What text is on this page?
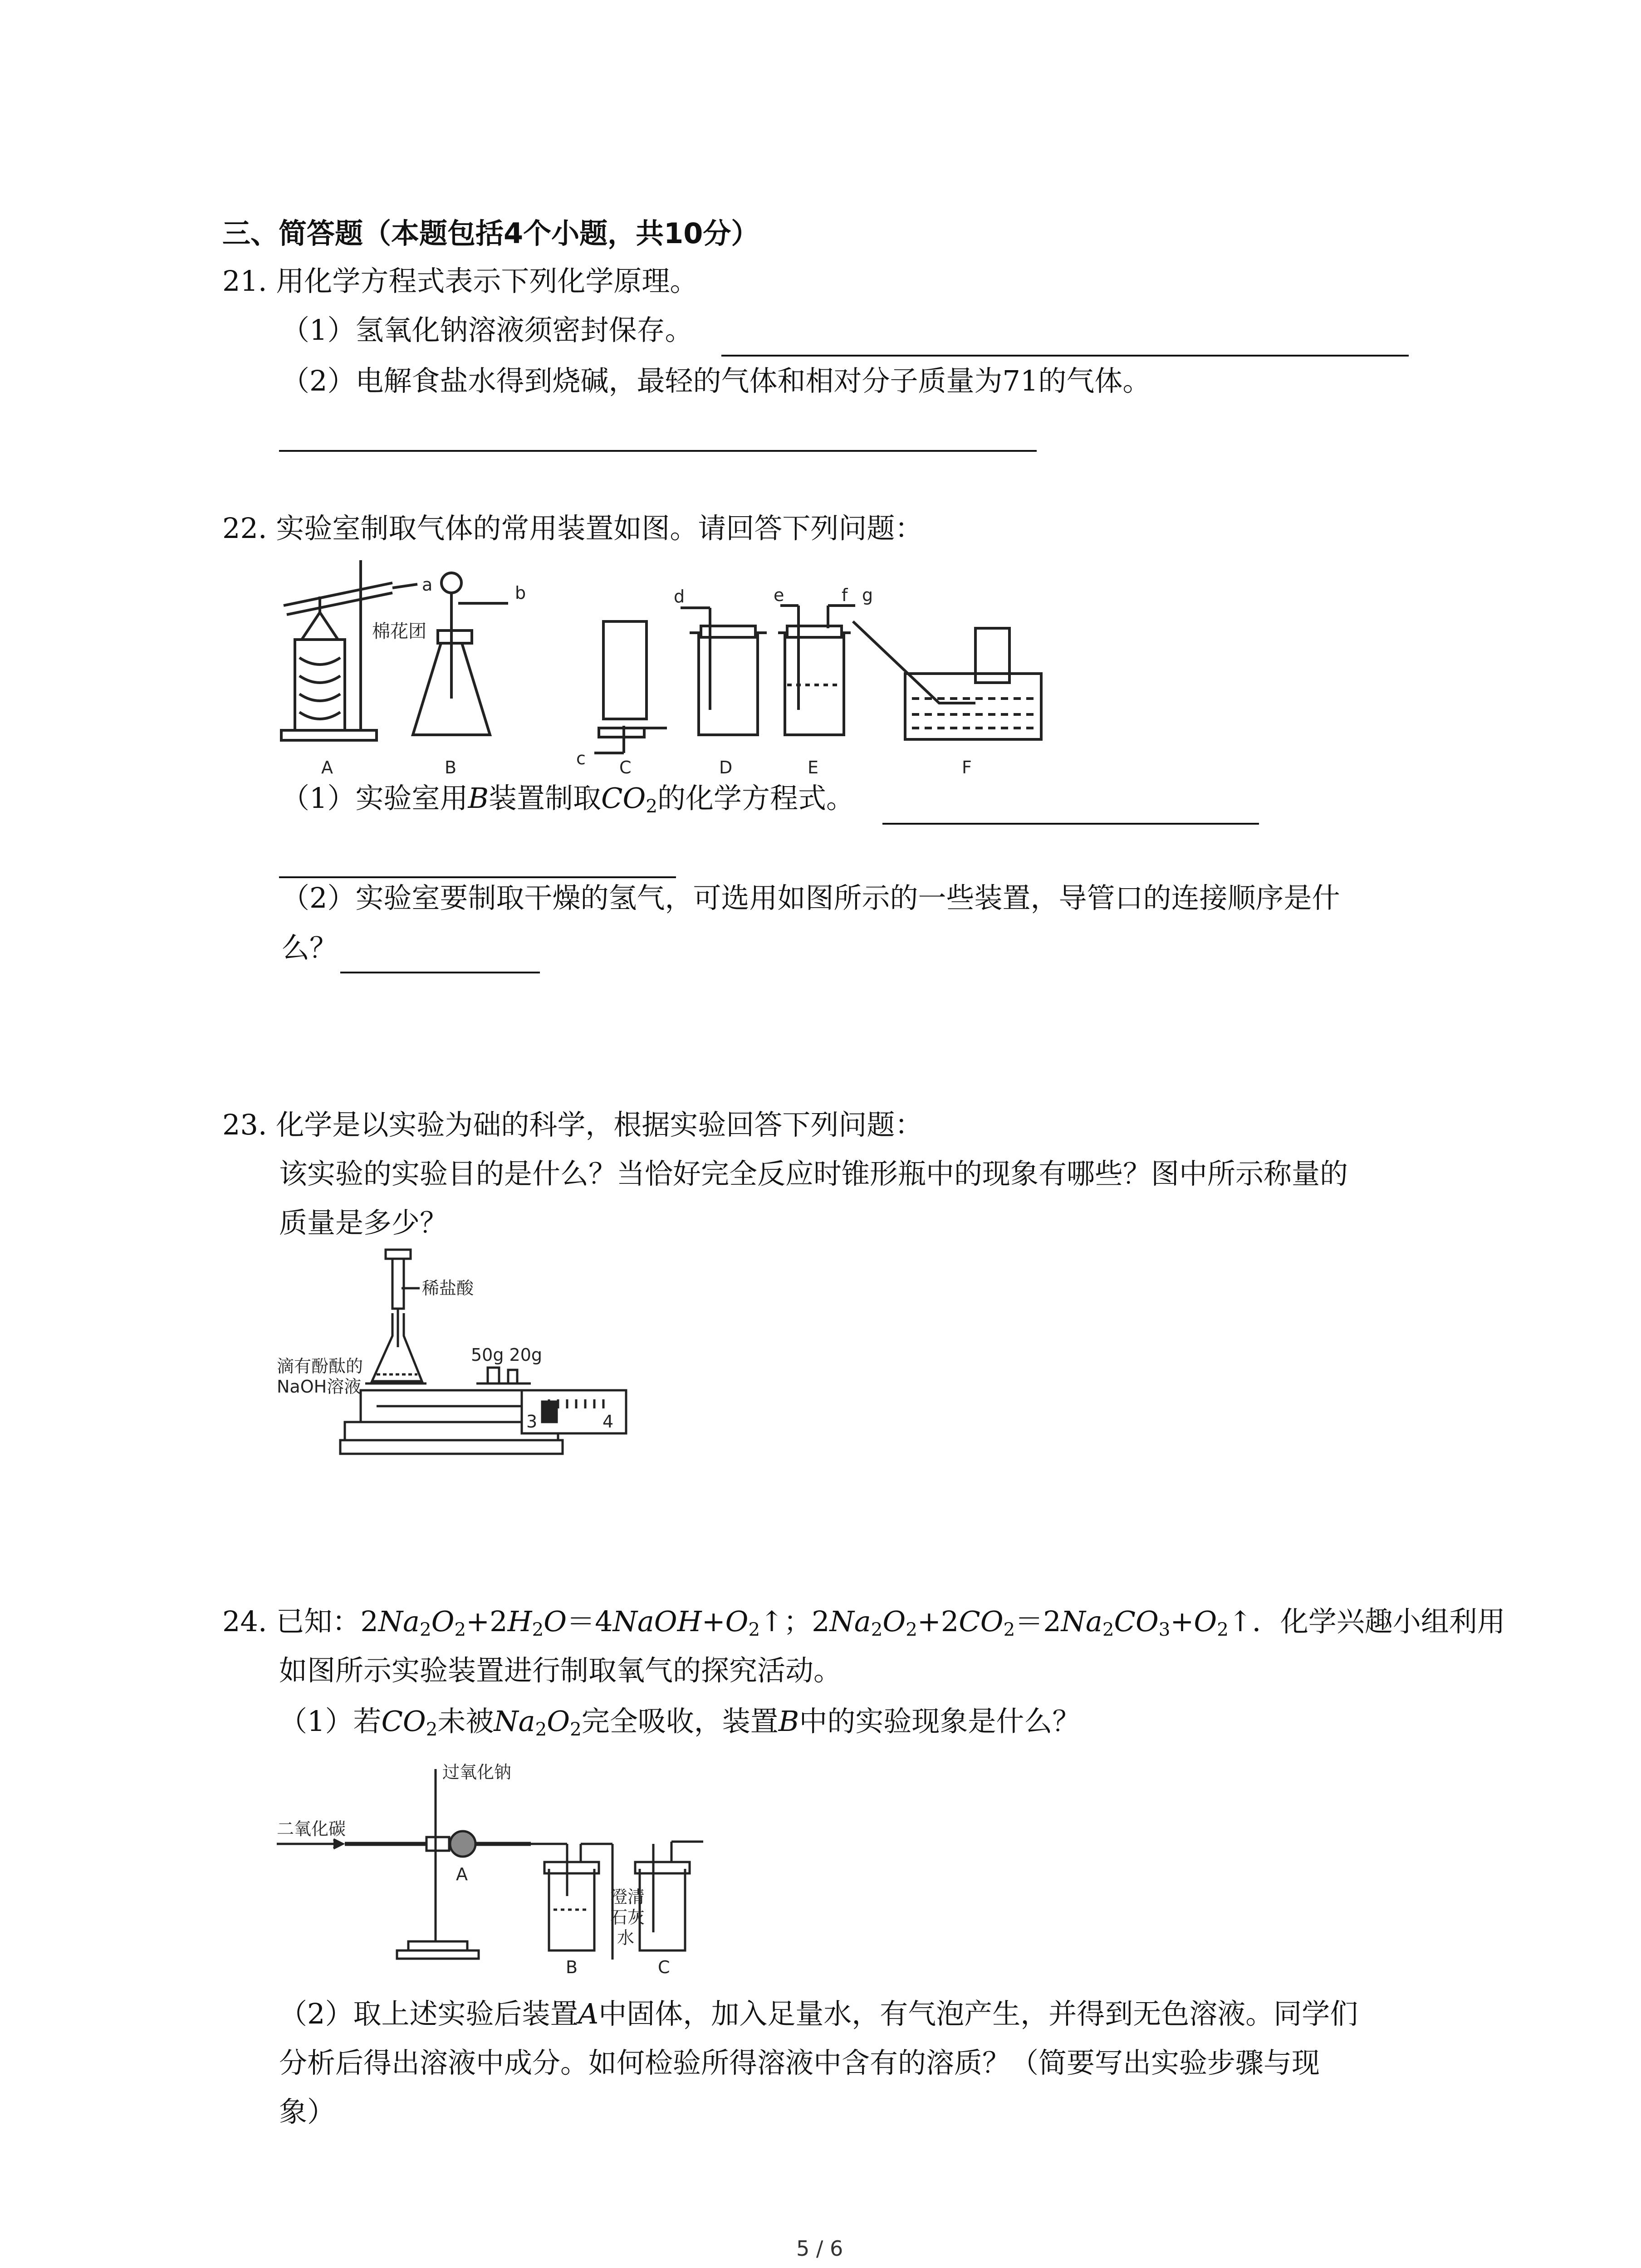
三、简答题（本题包括4个小题，共10分）
21. 用化学方程式表示下列化学原理。
（1）氢氧化钠溶液须密封保存。
（2）电解食盐水得到烧碱，最轻的气体和相对分子质量为71的气体。
22. 实验室制取气体的常用装置如图。请回答下列问题：
a	b
c
d	e	f g
棉花团
A	B	C	D	E	F
（1）实验室用B装置制取$CO_2$的化学方程式。
（2）实验室要制取干燥的氢气，可选用如图所示的一些装置，导管口的连接顺序是什
么？
23. 化学是以实验为础的科学，根据实验回答下列问题：
该实验的实验目的是什么？当恰好完全反应时锥形瓶中的现象有哪些？图中所示称量的
质量是多少？
稀盐酸
滴有酚酞的
NaOH溶液
50g 20g
3	4
24. 已知：$2Na_2O_2+2H_2O=4NaOH+O_2↑$；$2Na_2O_2+2CO_2=2Na_2CO_3+O_2↑$．化学兴趣小组利用
如图所示实验装置进行制取氧气的探究活动。
（1）若$CO_2$未被$Na_2O_2$完全吸收，装置B中的实验现象是什么？
二氧化碳
过氧化钠
A
澄清
石灰
水
B	C
（2）取上述实验后装置A中固体，加入足量水，有气泡产生，并得到无色溶液。同学们
分析后得出溶液中成分。如何检验所得溶液中含有的溶质？（简要写出实验步骤与现
象）
5 / 6
